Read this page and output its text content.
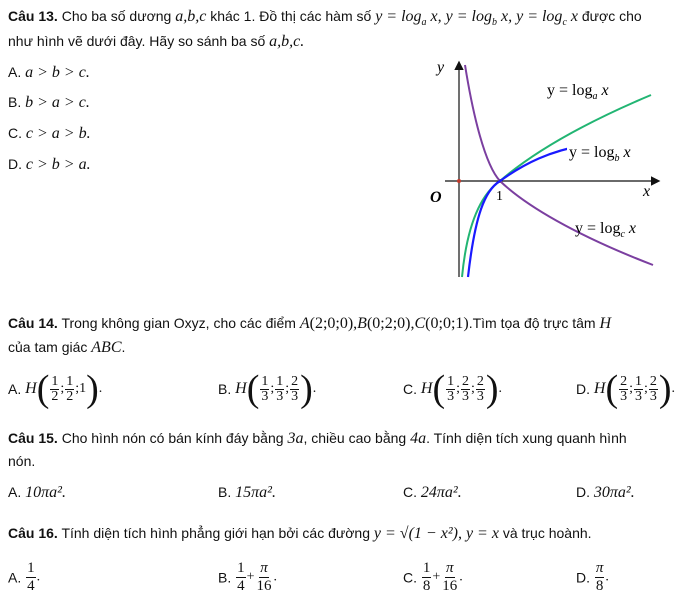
Câu 13. Cho ba số dương a,b,c khác 1. Đồ thị các hàm số $y = \log_a x$, $y = \log_b x$, $y = \log_c x$ được cho
như hình vẽ dưới đây. Hãy so sánh ba số a,b,c.
A. a > b > c.
B. b > a > c.
C. c > a > b.
D. c > b > a.
y
x
O	1
$y = \log_a x$
$y = \log_b x$
$y = \log_c x$
Câu 14. Trong không gian Oxyz, cho các điểm A(2;0;0),B(0;2;0),C(0;0;1).Tìm tọa độ trực tâm H
của tam giác ABC.
A. $H( \frac{1}{2}$ ; $\frac{1}{2}$ ;1).	B. $H( \frac{1}{3}$ ; $\frac{1}{3}$ ; $\frac{2}{3}$ ).	C. $H( \frac{1}{3}$ ; $\frac{2}{3}$ ; $\frac{2}{3}$ ).	D. $H( \frac{2}{3}$ ; $\frac{1}{3}$ ; $\frac{2}{3}$ ).
Câu 15. Cho hình nón có bán kính đáy bằng 3a, chiều cao bằng 4a. Tính diện tích xung quanh hình
nón.
A. 10πa².	B. 15πa².	C. 24πa².	D. 30πa².
Câu 16. Tính diện tích hình phẳng giới hạn bởi các đường y = √(1 − x²), y = x và trục hoành.
A. $\frac{1}{4}$ .	B. $\frac{1}{4} + \frac{\pi}{16}$ .	C. $\frac{1}{8} + \frac{\pi}{16}$ .	D. $\frac{\pi}{8}$ .
